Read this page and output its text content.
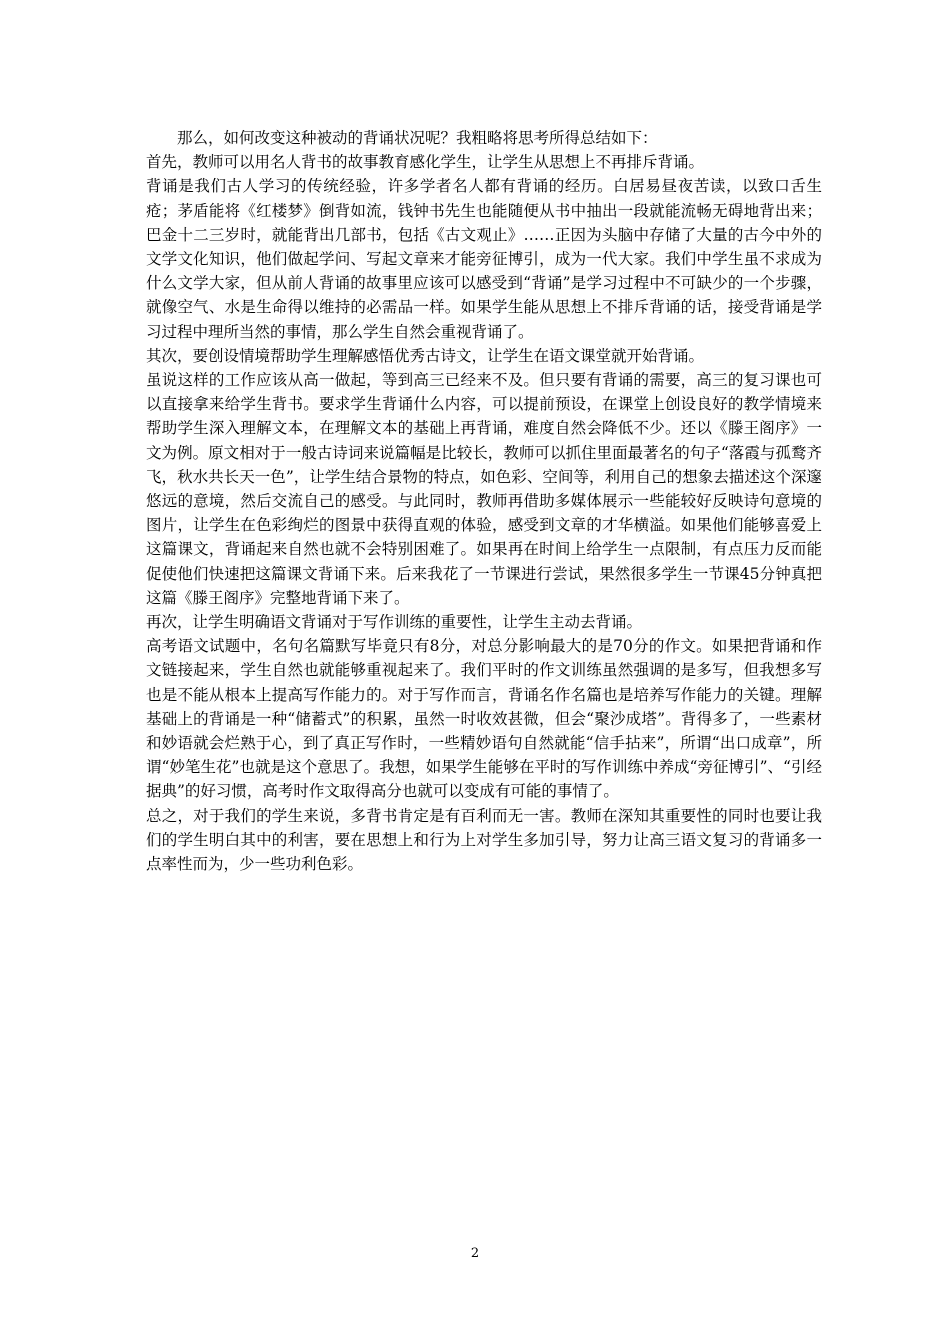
那么，如何改变这种被动的背诵状况呢？我粗略将思考所得总结如下：

首先，教师可以用名人背书的故事教育感化学生，让学生从思想上不再排斥背诵。

背诵是我们古人学习的传统经验，许多学者名人都有背诵的经历。白居易昼夜苦读，以致口舌生疮；茅盾能将《红楼梦》倒背如流，钱钟书先生也能随便从书中抽出一段就能流畅无碍地背出来；巴金十二三岁时，就能背出几部书，包括《古文观止》……正因为头脑中存储了大量的古今中外的文学文化知识，他们做起学问、写起文章来才能旁征博引，成为一代大家。我们中学生虽不求成为什么文学大家，但从前人背诵的故事里应该可以感受到“背诵”是学习过程中不可缺少的一个步骤，就像空气、水是生命得以维持的必需品一样。如果学生能从思想上不排斥背诵的话，接受背诵是学习过程中理所当然的事情，那么学生自然会重视背诵了。

其次，要创设情境帮助学生理解感悟优秀古诗文，让学生在语文课堂就开始背诵。

虽说这样的工作应该从高一做起，等到高三已经来不及。但只要有背诵的需要，高三的复习课也可以直接拿来给学生背书。要求学生背诵什么内容，可以提前预设，在课堂上创设良好的教学情境来帮助学生深入理解文本，在理解文本的基础上再背诵，难度自然会降低不少。还以《滕王阁序》一文为例。原文相对于一般古诗词来说篇幅是比较长，教师可以抓住里面最著名的句子“落霞与孤鹜齐飞，秋水共长天一色”，让学生结合景物的特点，如色彩、空间等，利用自己的想象去描述这个深邃悠远的意境，然后交流自己的感受。与此同时，教师再借助多媒体展示一些能较好反映诗句意境的图片，让学生在色彩绚烂的图景中获得直观的体验，感受到文章的才华横溢。如果他们能够喜爱上这篇课文，背诵起来自然也就不会特别困难了。如果再在时间上给学生一点限制，有点压力反而能促使他们快速把这篇课文背诵下来。后来我花了一节课进行尝试，果然很多学生一节课45分钟真把这篇《滕王阁序》完整地背诵下来了。

再次，让学生明确语文背诵对于写作训练的重要性，让学生主动去背诵。

高考语文试题中，名句名篇默写毕竟只有8分，对总分影响最大的是70分的作文。如果把背诵和作文链接起来，学生自然也就能够重视起来了。我们平时的作文训练虽然强调的是多写，但我想多写也是不能从根本上提高写作能力的。对于写作而言，背诵名作名篇也是培养写作能力的关键。理解基础上的背诵是一种“储蓄式”的积累，虽然一时收效甚微，但会“聚沙成塔”。背得多了，一些素材和妙语就会烂熟于心，到了真正写作时，一些精妙语句自然就能“信手拈来”，所谓“出口成章”，所谓“妙笔生花”也就是这个意思了。我想，如果学生能够在平时的写作训练中养成“旁征博引”、“引经据典”的好习惯，高考时作文取得高分也就可以变成有可能的事情了。

总之，对于我们的学生来说，多背书肯定是有百利而无一害。教师在深知其重要性的同时也要让我们的学生明白其中的利害，要在思想上和行为上对学生多加引导，努力让高三语文复习的背诵多一点率性而为，少一些功利色彩。

2
